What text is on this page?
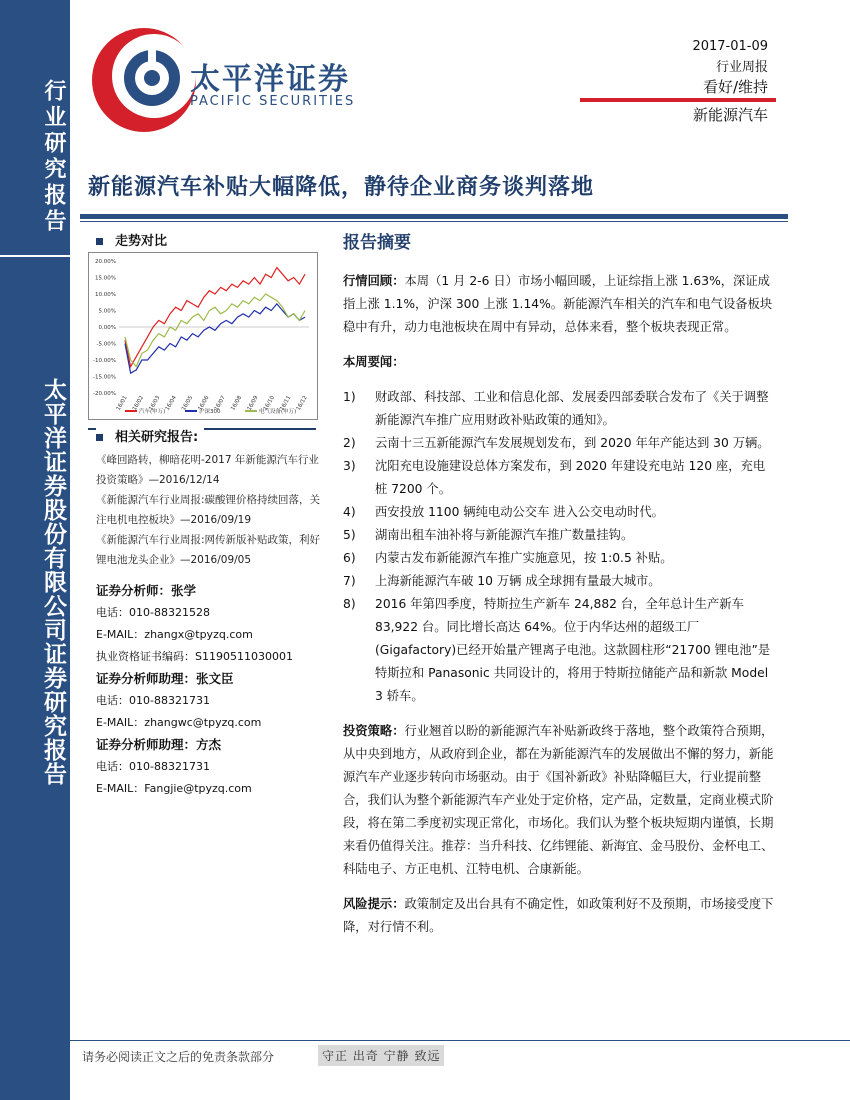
行业研究报告
太平洋证券股份有限公司证券研究报告
太平洋证券
PACIFIC SECURITIES
2017-01-09
行业周报
看好/维持
新能源汽车
新能源汽车补贴大幅降低，静待企业商务谈判落地
走势对比
20.00%
15.00%
10.00%
5.00%
0.00%
-5.00%
-10.00%
-15.00%
-20.00%
16/01 16/02 16/03 16/04 16/05 16/06 16/07 16/08 16/09 16/10 16/11 16/12
汽车(申万)	沪深300	电气设备(申万)
相关研究报告:
《峰回路转，柳暗花明-2017 年新能源汽车行业投资策略》—2016/12/14
《新能源汽车行业周报:碳酸锂价格持续回落，关注电机电控板块》—2016/09/19
《新能源汽车行业周报:网传新版补贴政策，利好锂电池龙头企业》—2016/09/05
证券分析师：张学
电话：010-88321528
E-MAIL：zhangx@tpyzq.com
执业资格证书编码：S1190511030001
证券分析师助理：张文臣
电话：010-88321731
E-MAIL：zhangwc@tpyzq.com
证券分析师助理：方杰
电话：010-88321731
E-MAIL：Fangjie@tpyzq.com
报告摘要

行情回顾：本周（1 月 2-6 日）市场小幅回暖，上证综指上涨 1.63%，深证成指上涨 1.1%，沪深 300 上涨 1.14%。新能源汽车相关的汽车和电气设备板块稳中有升，动力电池板块在周中有异动，总体来看，整个板块表现正常。

本周要闻：

1)	财政部、科技部、工业和信息化部、发展委四部委联合发布了《关于调整新能源汽车推广应用财政补贴政策的通知》。
2)	云南十三五新能源汽车发展规划发布，到 2020 年年产能达到 30 万辆。
3)	沈阳充电设施建设总体方案发布，到 2020 年建设充电站 120 座，充电桩 7200 个。
4)	西安投放 1100 辆纯电动公交车 进入公交电动时代。
5)	湖南出租车油补将与新能源汽车推广数量挂钩。
6)	内蒙古发布新能源汽车推广实施意见，按 1:0.5 补贴。
7)	上海新能源汽车破 10 万辆 成全球拥有量最大城市。
8)	2016 年第四季度，特斯拉生产新车 24,882 台，全年总计生产新车 83,922 台。同比增长高达 64%。位于内华达州的超级工厂(Gigafactory)已经开始量产锂离子电池。这款圆柱形“21700 锂电池”是特斯拉和 Panasonic 共同设计的，将用于特斯拉储能产品和新款 Model 3 轿车。

投资策略：行业翘首以盼的新能源汽车补贴新政终于落地，整个政策符合预期，从中央到地方，从政府到企业，都在为新能源汽车的发展做出不懈的努力，新能源汽车产业逐步转向市场驱动。由于《国补新政》补贴降幅巨大，行业提前整合，我们认为整个新能源汽车产业处于定价格，定产品，定数量，定商业模式阶段，将在第二季度初实现正常化，市场化。我们认为整个板块短期内谨慎，长期来看仍值得关注。推荐：当升科技、亿纬锂能、新海宜、金马股份、金杯电工、科陆电子、方正电机、江特电机、合康新能。

风险提示：政策制定及出台具有不确定性，如政策利好不及预期，市场接受度下降，对行情不利。

请务必阅读正文之后的免责条款部分	守正 出奇 宁静 致远
